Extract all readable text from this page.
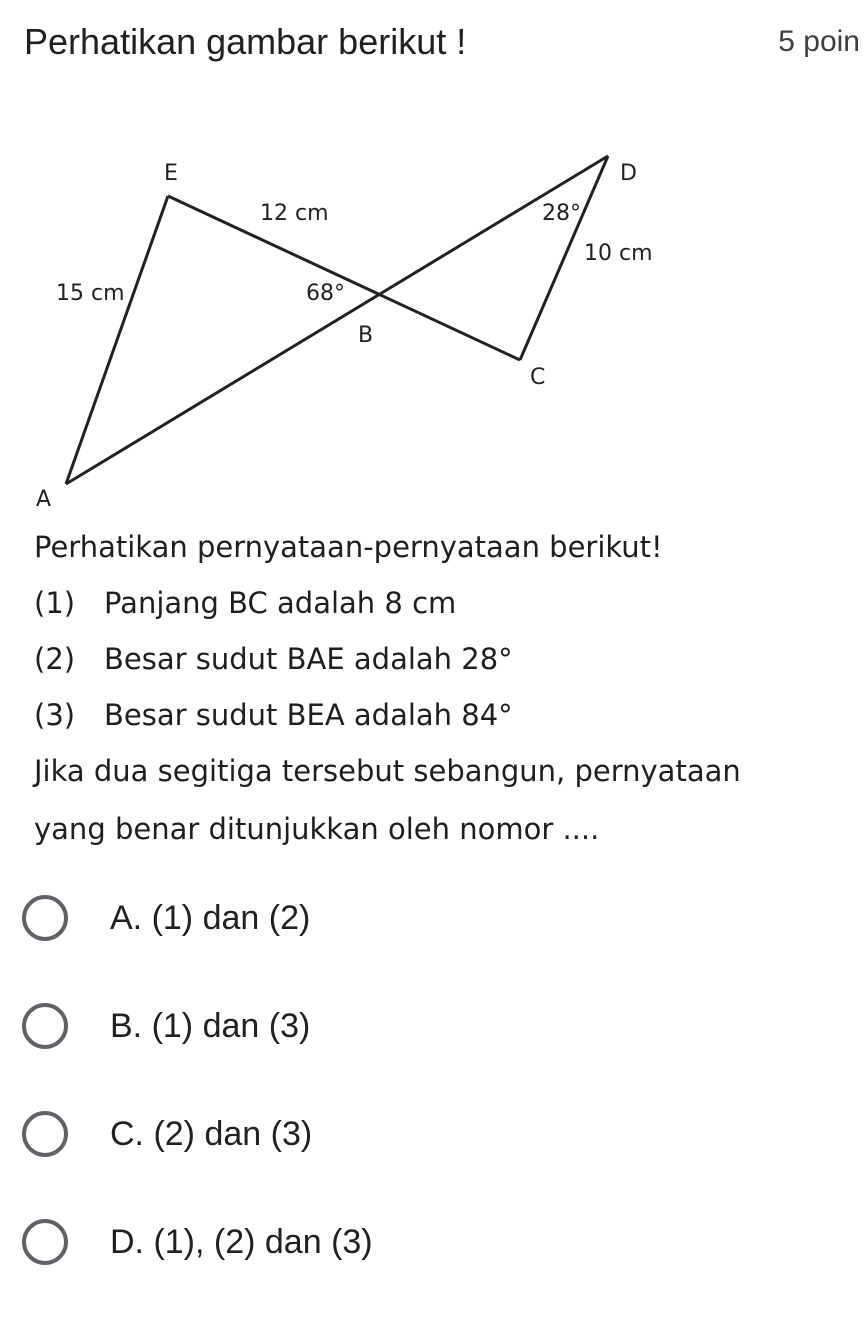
Perhatikan gambar berikut !	5 poin
E	D
B
C
A
12 cm
15 cm	68°
28°
10 cm
Perhatikan pernyataan-pernyataan berikut!
(1) Panjang BC adalah 8 cm
(2) Besar sudut BAE adalah 28°
(3) Besar sudut BEA adalah 84°
Jika dua segitiga tersebut sebangun, pernyataan
yang benar ditunjukkan oleh nomor ....
A. (1) dan (2)
B. (1) dan (3)
C. (2) dan (3)
D. (1), (2) dan (3)
